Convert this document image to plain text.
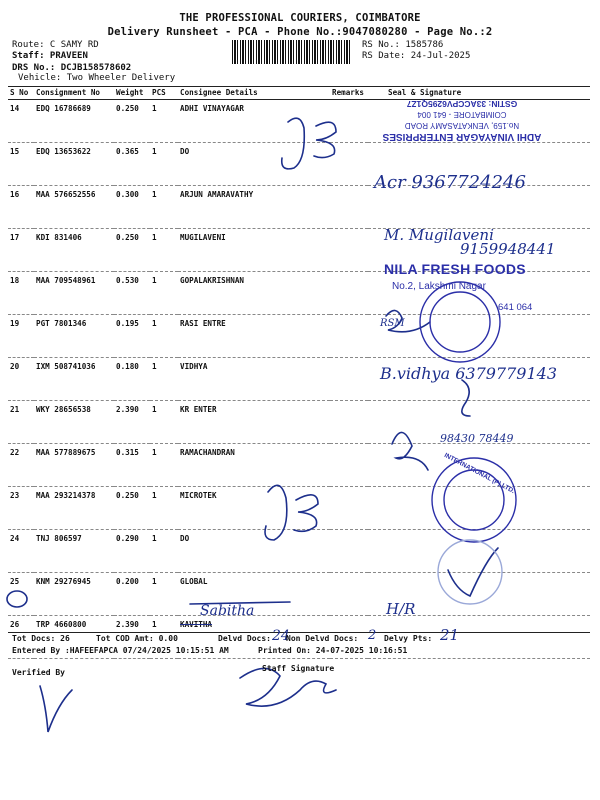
THE PROFESSIONAL COURIERS, COIMBATORE
Delivery Runsheet - PCA - Phone No.:9047080280 - Page No.:2
Route: C SAMY RD
Staff: PRAVEEN
DRS No.: DCJB158578602
Vehicle: Two Wheeler Delivery
RS No.: 1585786
RS Date: 24-Jul-2025
S No	Consignment No	Weight	PCS	Consignee Details	Remarks	Seal & Signature
14	EDQ 16786689	0.250	1	ADHI VINAYAGAR		
15	EDQ 13653622	0.365	1	DO		
16	MAA 576652556	0.300	1	ARJUN AMARAVATHY		
17	KDI 831406	0.250	1	MUGILAVENI		
18	MAA 709548961	0.530	1	GOPALAKRISHNAN		
19	PGT 7801346	0.195	1	RASI ENTRE		
20	IXM 508741036	0.180	1	VIDHYA		
21	WKY 28656538	2.390	1	KR ENTER		
22	MAA 577889675	0.315	1	RAMACHANDRAN		
23	MAA 293214378	0.250	1	MICROTEK		
24	TNJ 806597	0.290	1	DO		
25	KNM 29276945	0.200	1	GLOBAL		
26	TRP 4660800	2.390	1	KAVITHA		
ADHI VINAYAGAR ENTERPRISES
No.159, VENKATASAMY ROAD
COIMBATORE - 641 004
GSTIN: 33ACCPV6295Q1Z7
NILA FRESH FOODS
No.2, Lakshmi Nagar
641 064
INTERNATIONAL (P) LTD.
Acr 9367724246
M. Mugilaveni
9159948441
B.vidhya 6379779143
98430 78449
RSM
Sabitha	H/R
Tot Docs: 26	Tot COD Amt: 0.00	Delvd Docs: 24
Non Delvd Docs: 2 Delvy Pts: 21
Entered By :HAFEEFAPCA 07/24/2025 10:15:51 AM	Printed On: 24-07-2025 10:16:51
Verified By	Staff Signature
